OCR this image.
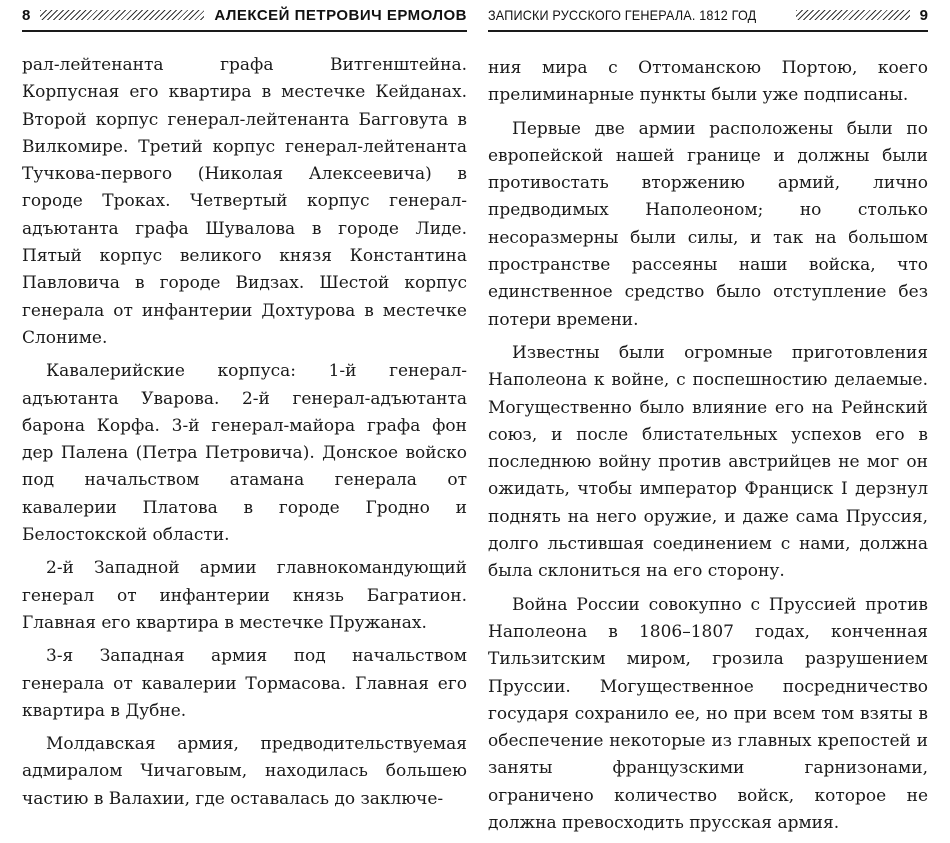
8	АЛЕКСЕЙ ПЕТРОВИЧ ЕРМОЛОВ

рал-лейтенанта графа Витгенштейна. Корпусная его квартира в местечке Кейданах. Второй корпус генерал-лейтенанта Багговута в Вилкомире. Третий корпус генерал-лейтенанта Тучкова-первого (Николая Алексеевича) в городе Троках. Четвертый корпус генерал-адъютанта графа Шувалова в городе Лиде. Пятый корпус великого князя Константина Павловича в городе Видзах. Шестой корпус генерала от инфантерии Дохтурова в местечке Слониме.

Кавалерийские корпуса: 1-й генерал-адъютанта Уварова. 2-й генерал-адъютанта барона Корфа. 3-й генерал-майора графа фон дер Палена (Петра Петровича). Донское войско под начальством атамана генерала от кавалерии Платова в городе Гродно и Белостокской области.

2-й Западной армии главнокомандующий генерал от инфантерии князь Багратион. Главная его квартира в местечке Пружанах.

3-я Западная армия под начальством генерала от кавалерии Тормасова. Главная его квартира в Дубне.

Молдавская армия, предводительствуемая адмиралом Чичаговым, находилась большею частию в Валахии, где оставалась до заключе-

ЗАПИСКИ РУССКОГО ГЕНЕРАЛА. 1812 ГОД	9

ния мира с Оттоманскою Портою, коего прелиминарные пункты были уже подписаны.

Первые две армии расположены были по европейской нашей границе и должны были противостать вторжению армий, лично предводимых Наполеоном; но столько несоразмерны были силы, и так на большом пространстве рассеяны наши войска, что единственное средство было отступление без потери времени.

Известны были огромные приготовления Наполеона к войне, с поспешностию делаемые. Могущественно было влияние его на Рейнский союз, и после блистательных успехов его в последнюю войну против австрийцев не мог он ожидать, чтобы император Франциск I дерзнул поднять на него оружие, и даже сама Пруссия, долго льстившая соединением с нами, должна была склониться на его сторону.

Война России совокупно с Пруссией против Наполеона в 1806–1807 годах, конченная Тильзитским миром, грозила разрушением Пруссии. Могущественное посредничество государя сохранило ее, но при всем том взяты в обеспечение некоторые из главных крепостей и заняты французскими гарнизонами, ограничено количество войск, которое не должна превосходить прусская армия.
